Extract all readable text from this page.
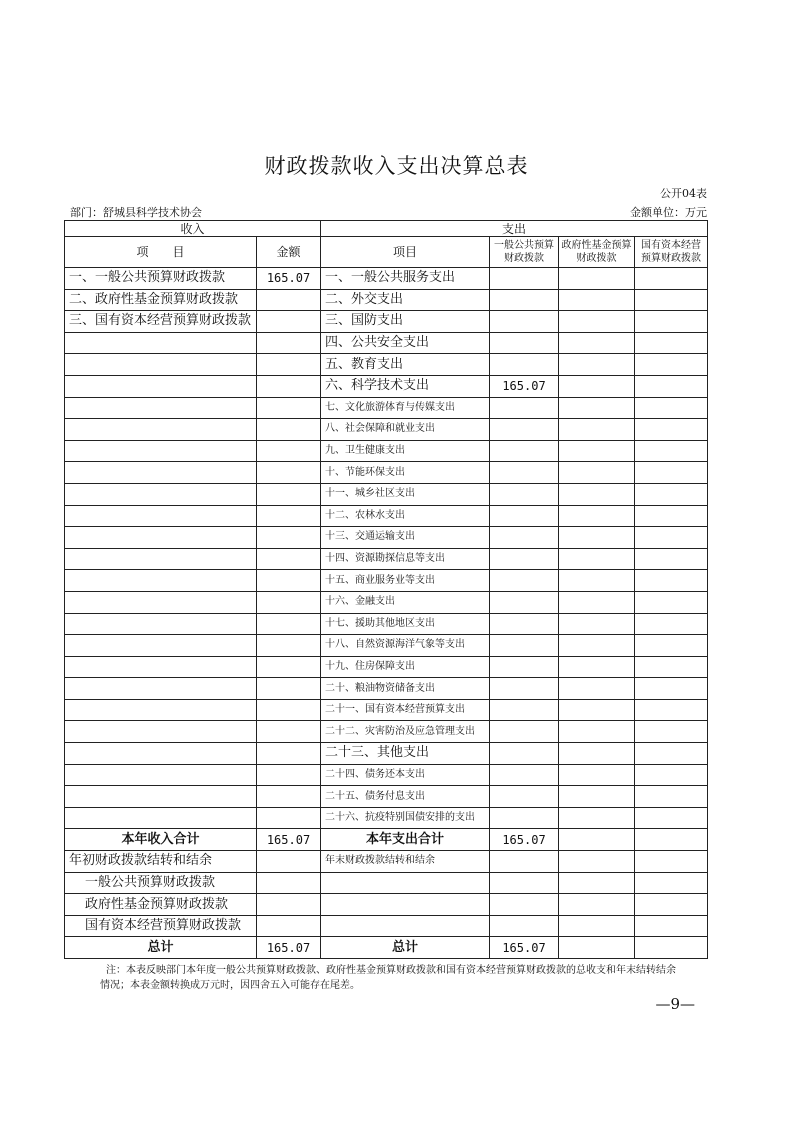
财政拨款收入支出决算总表
公开04表
部门：舒城县科学技术协会	金额单位：万元
收入		支出			
项　　目	金额	项目	一般公共预算财政拨款	政府性基金预算财政拨款	国有资本经营预算财政拨款
一、一般公共预算财政拨款	165.07	一、一般公共服务支出			
二、政府性基金预算财政拨款		二、外交支出			
三、国有资本经营预算财政拨款		三、国防支出			
		四、公共安全支出			
		五、教育支出			
		六、科学技术支出	165.07		
		七、文化旅游体育与传媒支出			
		八、社会保障和就业支出			
		九、卫生健康支出			
		十、节能环保支出			
		十一、城乡社区支出			
		十二、农林水支出			
		十三、交通运输支出			
		十四、资源勘探信息等支出			
		十五、商业服务业等支出			
		十六、金融支出			
		十七、援助其他地区支出			
		十八、自然资源海洋气象等支出			
		十九、住房保障支出			
		二十、粮油物资储备支出			
		二十一、国有资本经营预算支出			
		二十二、灾害防治及应急管理支出			
		二十三、其他支出			
		二十四、债务还本支出			
		二十五、债务付息支出			
		二十六、抗疫特别国债安排的支出			
本年收入合计	165.07	本年支出合计	165.07		
年初财政拨款结转和结余		年末财政拨款结转和结余			
一般公共预算财政拨款					
政府性基金预算财政拨款					
国有资本经营预算财政拨款					
总计	165.07	总计	165.07		
注：本表反映部门本年度一般公共预算财政拨款、政府性基金预算财政拨款和国有资本经营预算财政拨款的总收支和年末结转结余
情况；本表金额转换成万元时，因四舍五入可能存在尾差。
—9—
